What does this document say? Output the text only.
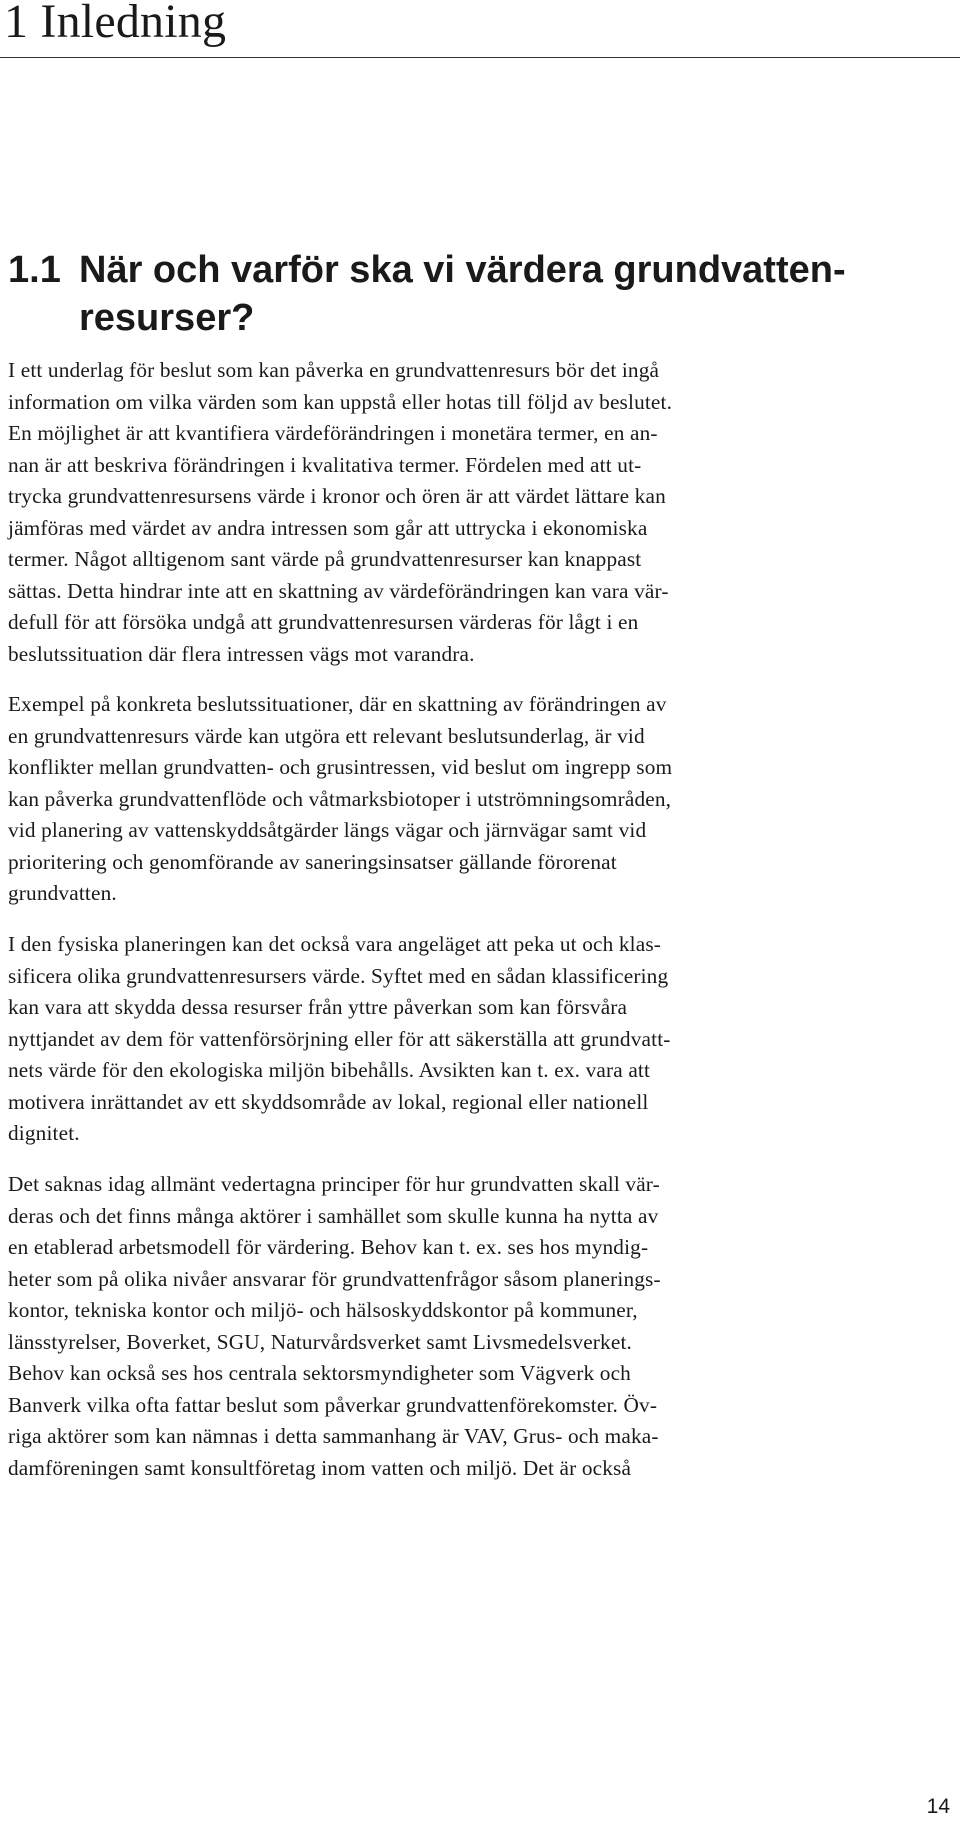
1 Inledning
1.1 När och varför ska vi värdera grundvatten-
resurser?

I ett underlag för beslut som kan påverka en grundvattenresurs bör det ingå
information om vilka värden som kan uppstå eller hotas till följd av beslutet.
En möjlighet är att kvantifiera värdeförändringen i monetära termer, en an-
nan är att beskriva förändringen i kvalitativa termer. Fördelen med att ut-
trycka grundvattenresursens värde i kronor och ören är att värdet lättare kan
jämföras med värdet av andra intressen som går att uttrycka i ekonomiska
termer. Något alltigenom sant värde på grundvattenresurser kan knappast
sättas. Detta hindrar inte att en skattning av värdeförändringen kan vara vär-
defull för att försöka undgå att grundvattenresursen värderas för lågt i en
beslutssituation där flera intressen vägs mot varandra.

Exempel på konkreta beslutssituationer, där en skattning av förändringen av
en grundvattenresurs värde kan utgöra ett relevant beslutsunderlag, är vid
konflikter mellan grundvatten- och grusintressen, vid beslut om ingrepp som
kan påverka grundvattenflöde och våtmarksbiotoper i utströmningsområden,
vid planering av vattenskyddsåtgärder längs vägar och järnvägar samt vid
prioritering och genomförande av saneringsinsatser gällande förorenat
grundvatten.

I den fysiska planeringen kan det också vara angeläget att peka ut och klas-
sificera olika grundvattenresursers värde. Syftet med en sådan klassificering
kan vara att skydda dessa resurser från yttre påverkan som kan försvåra
nyttjandet av dem för vattenförsörjning eller för att säkerställa att grundvatt-
nets värde för den ekologiska miljön bibehålls. Avsikten kan t. ex. vara att
motivera inrättandet av ett skyddsområde av lokal, regional eller nationell
dignitet.

Det saknas idag allmänt vedertagna principer för hur grundvatten skall vär-
deras och det finns många aktörer i samhället som skulle kunna ha nytta av
en etablerad arbetsmodell för värdering. Behov kan t. ex. ses hos myndig-
heter som på olika nivåer ansvarar för grundvattenfrågor såsom planerings-
kontor, tekniska kontor och miljö- och hälsoskyddskontor på kommuner,
länsstyrelser, Boverket, SGU, Naturvårdsverket samt Livsmedelsverket.
Behov kan också ses hos centrala sektorsmyndigheter som Vägverk och
Banverk vilka ofta fattar beslut som påverkar grundvattenförekomster. Öv-
riga aktörer som kan nämnas i detta sammanhang är VAV, Grus- och maka-
damföreningen samt konsultföretag inom vatten och miljö. Det är också

14
